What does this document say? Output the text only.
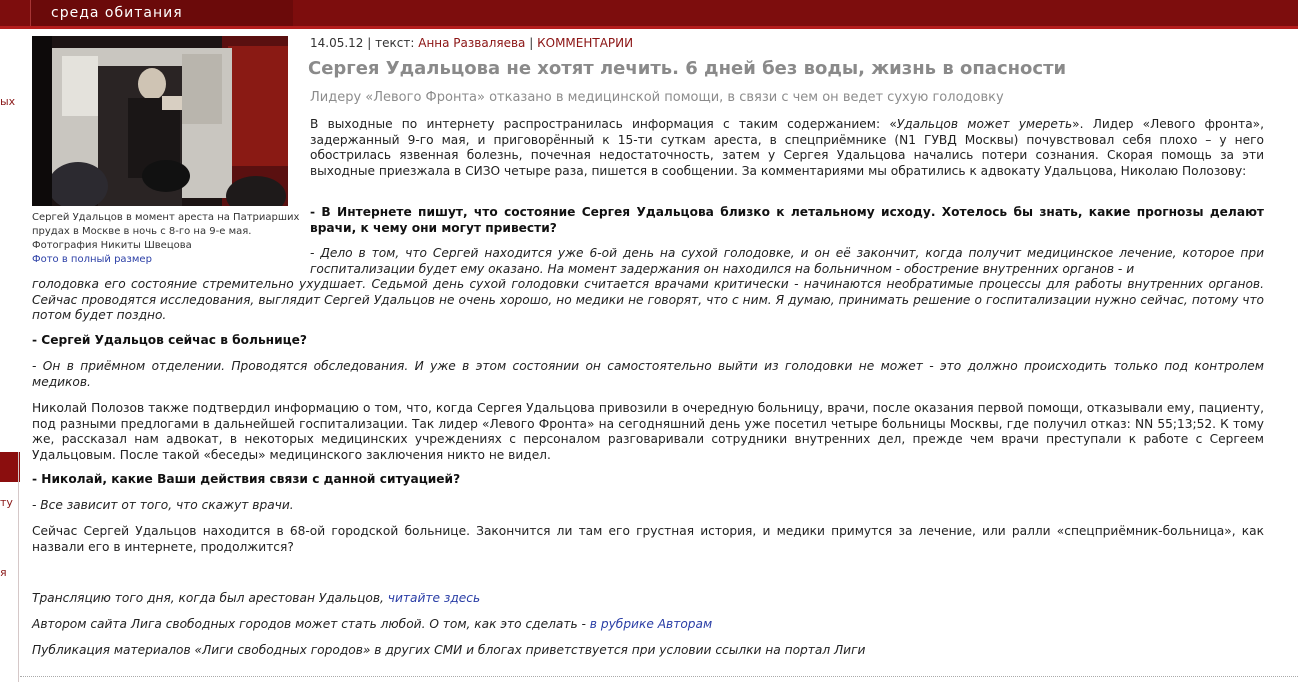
среда обитания
ых
ту
я
Сергей Удальцов в момент ареста на Патриарших прудах в Москве в ночь с 8-го на 9-е мая. Фотография Никиты Швецова
Фото в полный размер
14.05.12 | текст: Анна Разваляева | КОММЕНТАРИИ
Сергея Удальцова не хотят лечить. 6 дней без воды, жизнь в опасности

Лидеру «Левого Фронта» отказано в медицинской помощи, в связи с чем он ведет сухую голодовку

В выходные по интернету распространилась информация с таким содержанием: «Удальцов может умереть». Лидер «Левого фронта», задержанный 9-го мая, и приговорённый к 15-ти суткам ареста, в спецприёмнике (N1 ГУВД Москвы) почувствовал себя плохо – у него обострилась язвенная болезнь, почечная недостаточность, затем у Сергея Удальцова начались потери сознания. Скорая помощь за эти выходные приезжала в СИЗО четыре раза, пишется в сообщении. За комментариями мы обратились к адвокату Удальцова, Николаю Полозову:

- В Интернете пишут, что состояние Сергея Удальцова близко к летальному исходу. Хотелось бы знать, какие прогнозы делают врачи, к чему они могут привести?

- Дело в том, что Сергей находится уже 6-ой день на сухой голодовке, и он её закончит, когда получит медицинское лечение, которое при госпитализации будет ему оказано. На момент задержания он находился на больничном - обострение внутренних органов - и

голодовка его состояние стремительно ухудшает. Седьмой день сухой голодовки считается врачами критически - начинаются необратимые процессы для работы внутренних органов. Сейчас проводятся исследования, выглядит Сергей Удальцов не очень хорошо, но медики не говорят, что с ним. Я думаю, принимать решение о госпитализации нужно сейчас, потому что потом будет поздно.

- Сергей Удальцов сейчас в больнице?

- Он в приёмном отделении. Проводятся обследования. И уже в этом состоянии он самостоятельно выйти из голодовки не может - это должно происходить только под контролем медиков.

Николай Полозов также подтвердил информацию о том, что, когда Сергея Удальцова привозили в очередную больницу, врачи, после оказания первой помощи, отказывали ему, пациенту, под разными предлогами в дальнейшей госпитализации. Так лидер «Левого Фронта» на сегодняшний день уже посетил четыре больницы Москвы, где получил отказ: NN 55;13;52. К тому же, рассказал нам адвокат, в некоторых медицинских учреждениях с персоналом разговаривали сотрудники внутренних дел, прежде чем врачи преступали к работе с Сергеем Удальцовым. После такой «беседы» медицинского заключения никто не видел.

- Николай, какие Ваши действия связи с данной ситуацией?

- Все зависит от того, что скажут врачи.

Сейчас Сергей Удальцов находится в 68-ой городской больнице. Закончится ли там его грустная история, и медики примутся за лечение, или ралли «спецприёмник-больница», как назвали его в интернете, продолжится?

Трансляцию того дня, когда был арестован Удальцов, читайте здесь

Автором сайта Лига свободных городов может стать любой. О том, как это сделать - в рубрике Авторам

Публикация материалов «Лиги свободных городов» в других СМИ и блогах приветствуется при условии ссылки на портал Лиги
